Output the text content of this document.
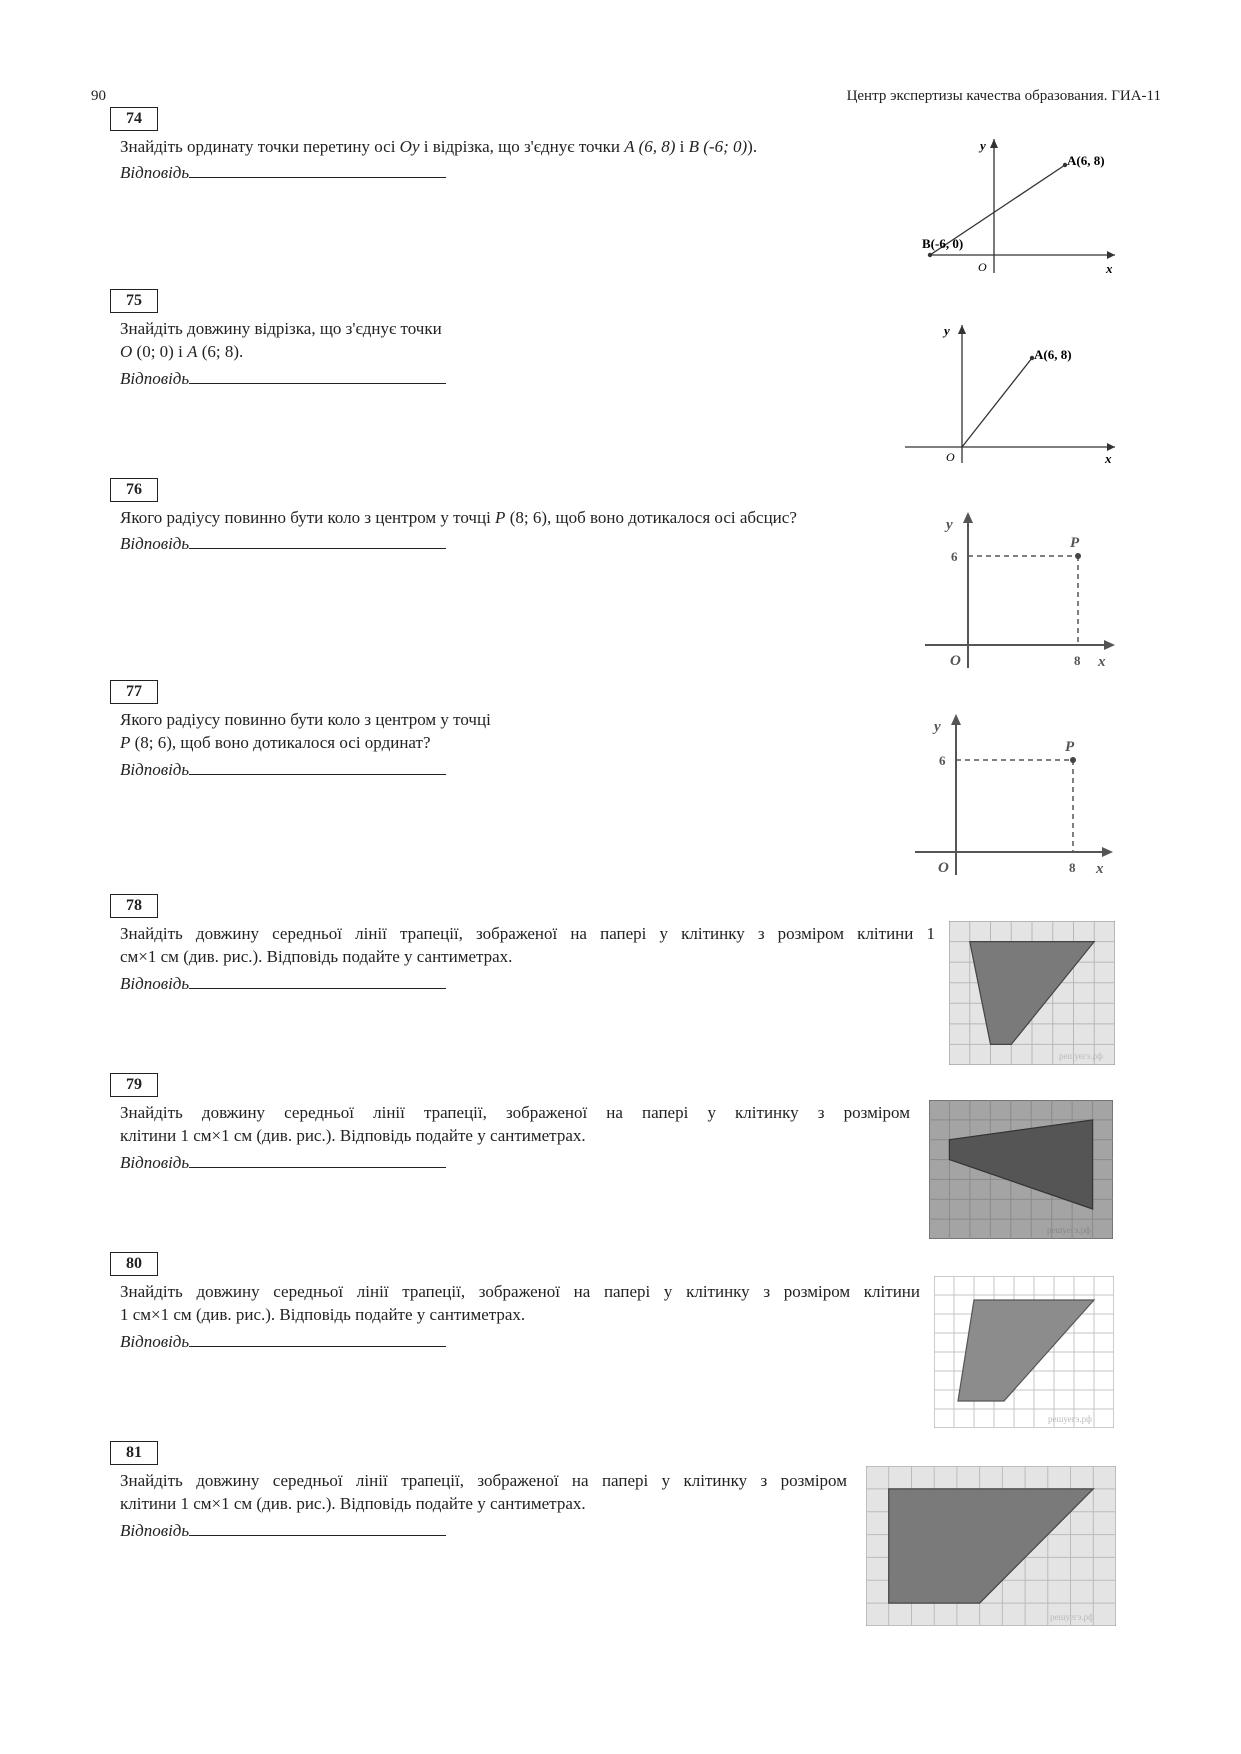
90	Центр экспертизы качества образования. ГИА-11
74
Знайдіть ординату точки перетину осі Oy і відрізка, що з'єднує точки A (6, 8) і B (-6; 0)).
Відповідь
y
x
O
A(6, 8)
B(-6, 0)
75
Знайдіть довжину відрізка, що з'єднує точки
O (0; 0) і A (6; 8).
Відповідь
y
x
O
A(6, 8)
76
Якого радіусу повинно бути коло з центром у точці P (8; 6), щоб воно дотикалося осі абсцис?
Відповідь
y
x
O
P
6
8
77
Якого радіусу повинно бути коло з центром у точці
P (8; 6), щоб воно дотикалося осі ординат?
Відповідь
y
x
O
P
6
8
78
Знайдіть довжину середньої лінії трапеції, зображеної на папері у клітинку з розміром клітини 1
см×1 см (див. рис.). Відповідь подайте у сантиметрах.
Відповідь
решуегэ.рф
79
Знайдіть довжину середньої лінії трапеції, зображеної на папері у клітинку з розміром
клітини 1 см×1 см (див. рис.). Відповідь подайте у сантиметрах.
Відповідь
решуегэ.рф
80
Знайдіть довжину середньої лінії трапеції, зображеної на папері у клітинку з розміром клітини
1 см×1 см (див. рис.). Відповідь подайте у сантиметрах.
Відповідь
решуегэ.рф
81
Знайдіть довжину середньої лінії трапеції, зображеної на папері у клітинку з розміром
клітини 1 см×1 см (див. рис.). Відповідь подайте у сантиметрах.
Відповідь
решуегэ.рф
